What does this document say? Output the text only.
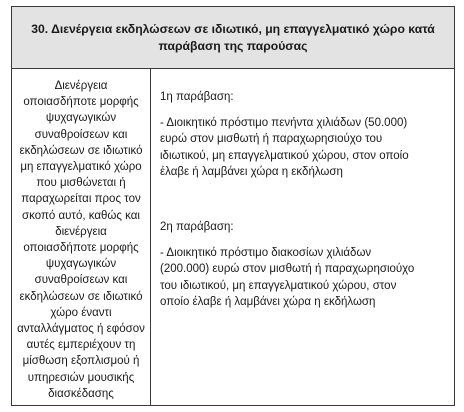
30. Διενέργεια εκδηλώσεων σε ιδιωτικό, μη επαγγελματικό χώρο κατά
παράβαση της παρούσας
Διενέργεια
οποιασδήποτε μορφής
ψυχαγωγικών
συναθροίσεων και
εκδηλώσεων σε ιδιωτικό
μη επαγγελματικό χώρο
που μισθώνεται ή
παραχωρείται προς τον
σκοπό αυτό, καθώς και
διενέργεια
οποιασδήποτε μορφής
ψυχαγωγικών
συναθροίσεων και
εκδηλώσεων σε ιδιωτικό
χώρο έναντι
ανταλλάγματος ή εφόσον
αυτές εμπεριέχουν τη
μίσθωση εξοπλισμού ή
υπηρεσιών μουσικής
διασκέδασης

1η παράβαση:

- Διοικητικό πρόστιμο πενήντα χιλιάδων (50.000)
ευρώ στον μισθωτή ή παραχωρησιούχο του
ιδιωτικού, μη επαγγελματικού χώρου, στον οποίο
έλαβε ή λαμβάνει χώρα η εκδήλωση

2η παράβαση:

- Διοικητικό πρόστιμο διακοσίων χιλιάδων
(200.000) ευρώ στον μισθωτή ή παραχωρησιούχο
του ιδιωτικού, μη επαγγελματικού χώρου, στον
οποίο έλαβε ή λαμβάνει χώρα η εκδήλωση
